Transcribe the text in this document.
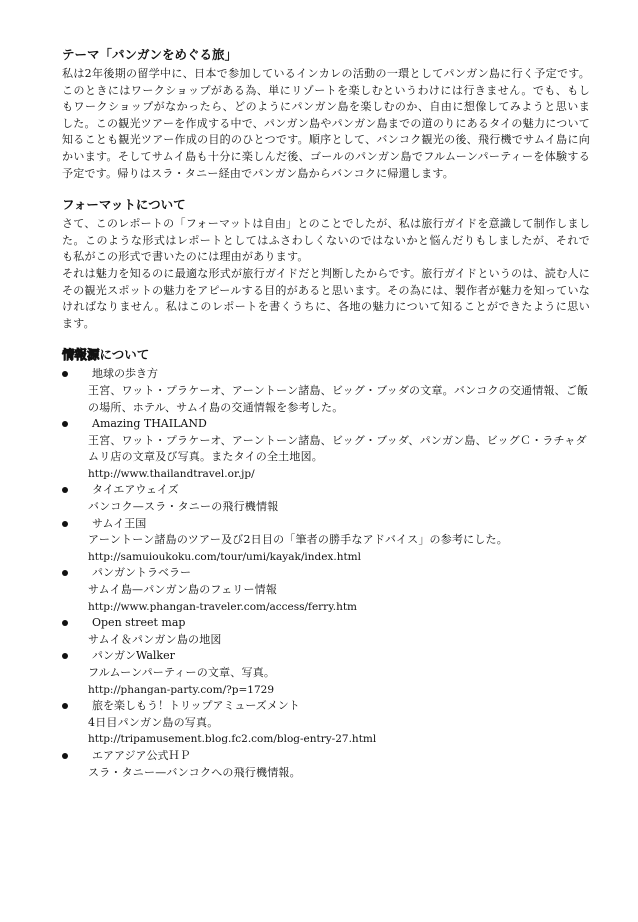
テーマ「パンガンをめぐる旅」

私は2年後期の留学中に、日本で参加しているインカレの活動の一環としてパンガン島に行く予定です。このときにはワークショップがある為、単にリゾートを楽しむというわけには行きません。でも、もしもワークショップがなかったら、どのようにパンガン島を楽しむのか、自由に想像してみようと思いました。この観光ツアーを作成する中で、パンガン島やパンガン島までの道のりにあるタイの魅力について知ることも観光ツアー作成の目的のひとつです。順序として、バンコク観光の後、飛行機でサムイ島に向かいます。そしてサムイ島も十分に楽しんだ後、ゴールのパンガン島でフルムーンパーティーを体験する予定です。帰りはスラ・タニー経由でパンガン島からバンコクに帰還します。

フォーマットについて

さて、このレポートの「フォーマットは自由」とのことでしたが、私は旅行ガイドを意識して制作しました。このような形式はレポートとしてはふさわしくないのではないかと悩んだりもしましたが、それでも私がこの形式で書いたのには理由があります。

それは魅力を知るのに最適な形式が旅行ガイドだと判断したからです。旅行ガイドというのは、読む人にその観光スポットの魅力をアピールする目的があると思います。その為には、製作者が魅力を知っていなければなりません。私はこのレポートを書くうちに、各地の魅力について知ることができたように思います。

情報源について
地球の歩き方
王宮、ワット・プラケーオ、アーントーン諸島、ビッグ・ブッダの文章。バンコクの交通情報、ご飯の場所、ホテル、サムイ島の交通情報を参考した。
Amazing THAILAND
王宮、ワット・プラケーオ、アーントーン諸島、ビッグ・ブッダ、パンガン島、ビッグＣ・ラチャダムリ店の文章及び写真。またタイの全土地図。
http://www.thailandtravel.or.jp/
タイエアウェイズ
バンコク—スラ・タニーの飛行機情報
サムイ王国
アーントーン諸島のツアー及び2日目の「筆者の勝手なアドバイス」の参考にした。
http://samuioukoku.com/tour/umi/kayak/index.html
パンガントラベラー
サムイ島—パンガン島のフェリー情報
http://www.phangan-traveler.com/access/ferry.htm
Open street map
サムイ＆パンガン島の地図
パンガンWalker
フルムーンパーティーの文章、写真。
http://phangan-party.com/?p=1729
旅を楽しもう！トリップアミューズメント
4日目パンガン島の写真。
http://tripamusement.blog.fc2.com/blog-entry-27.html
エアアジア公式ＨＰ
スラ・タニー—バンコクへの飛行機情報。
